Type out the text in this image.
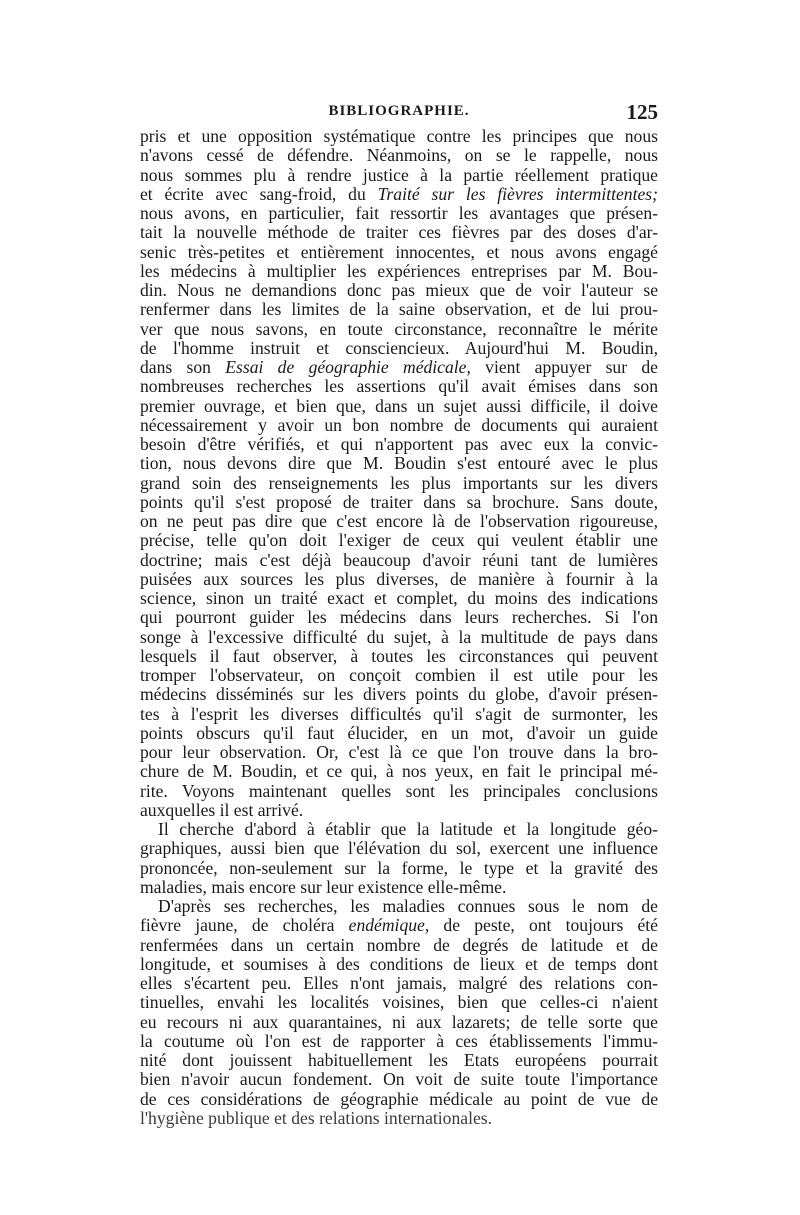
BIBLIOGRAPHIE.	125
pris et une opposition systématique contre les principes que nous
n'avons cessé de défendre. Néanmoins, on se le rappelle, nous
nous sommes plu à rendre justice à la partie réellement pratique
et écrite avec sang-froid, du Traité sur les fièvres intermittentes;
nous avons, en particulier, fait ressortir les avantages que présen-
tait la nouvelle méthode de traiter ces fièvres par des doses d'ar-
senic très-petites et entièrement innocentes, et nous avons engagé
les médecins à multiplier les expériences entreprises par M. Bou-
din. Nous ne demandions donc pas mieux que de voir l'auteur se
renfermer dans les limites de la saine observation, et de lui prou-
ver que nous savons, en toute circonstance, reconnaître le mérite
de l'homme instruit et consciencieux. Aujourd'hui M. Boudin,
dans son Essai de géographie médicale, vient appuyer sur de
nombreuses recherches les assertions qu'il avait émises dans son
premier ouvrage, et bien que, dans un sujet aussi difficile, il doive
nécessairement y avoir un bon nombre de documents qui auraient
besoin d'être vérifiés, et qui n'apportent pas avec eux la convic-
tion, nous devons dire que M. Boudin s'est entouré avec le plus
grand soin des renseignements les plus importants sur les divers
points qu'il s'est proposé de traiter dans sa brochure. Sans doute,
on ne peut pas dire que c'est encore là de l'observation rigoureuse,
précise, telle qu'on doit l'exiger de ceux qui veulent établir une
doctrine; mais c'est déjà beaucoup d'avoir réuni tant de lumières
puisées aux sources les plus diverses, de manière à fournir à la
science, sinon un traité exact et complet, du moins des indications
qui pourront guider les médecins dans leurs recherches. Si l'on
songe à l'excessive difficulté du sujet, à la multitude de pays dans
lesquels il faut observer, à toutes les circonstances qui peuvent
tromper l'observateur, on conçoit combien il est utile pour les
médecins disséminés sur les divers points du globe, d'avoir présen-
tes à l'esprit les diverses difficultés qu'il s'agit de surmonter, les
points obscurs qu'il faut élucider, en un mot, d'avoir un guide
pour leur observation. Or, c'est là ce que l'on trouve dans la bro-
chure de M. Boudin, et ce qui, à nos yeux, en fait le principal mé-
rite. Voyons maintenant quelles sont les principales conclusions
auxquelles il est arrivé.
Il cherche d'abord à établir que la latitude et la longitude géo-
graphiques, aussi bien que l'élévation du sol, exercent une influence
prononcée, non-seulement sur la forme, le type et la gravité des
maladies, mais encore sur leur existence elle-même.
D'après ses recherches, les maladies connues sous le nom de
fièvre jaune, de choléra endémique, de peste, ont toujours été
renfermées dans un certain nombre de degrés de latitude et de
longitude, et soumises à des conditions de lieux et de temps dont
elles s'écartent peu. Elles n'ont jamais, malgré des relations con-
tinuelles, envahi les localités voisines, bien que celles-ci n'aient
eu recours ni aux quarantaines, ni aux lazarets; de telle sorte que
la coutume où l'on est de rapporter à ces établissements l'immu-
nité dont jouissent habituellement les Etats européens pourrait
bien n'avoir aucun fondement. On voit de suite toute l'importance
de ces considérations de géographie médicale au point de vue de
l'hygiène publique et des relations internationales.
